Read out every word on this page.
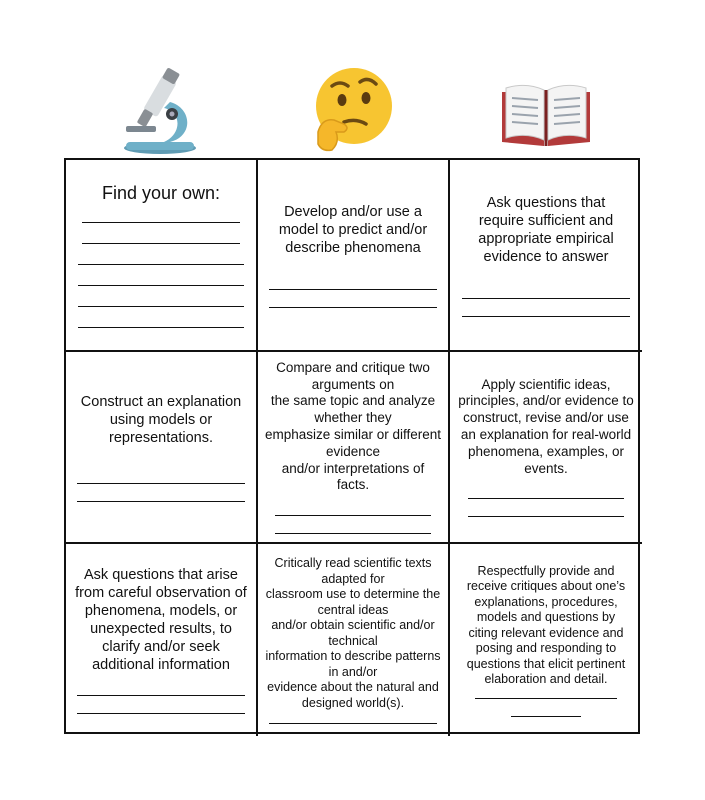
Find your own:
Develop and/or use a model to predict and/or describe phenomena
Ask questions that require sufficient and appropriate empirical evidence to answer
Construct an explanation using models or representations.
Compare and critique two arguments on
the same topic and analyze whether they
emphasize similar or different evidence
and/or interpretations of facts.
Apply scientific ideas, principles, and/or evidence to
construct, revise and/or use an explanation for real-world phenomena, examples, or events.
Ask questions that arise from careful observation of phenomena, models, or unexpected results, to clarify and/or seek additional information
Critically read scientific texts adapted for
classroom use to determine the central ideas
and/or obtain scientific and/or technical
information to describe patterns in and/or
evidence about the natural and designed world(s).
Respectfully provide and receive critiques about one’s explanations, procedures, models and questions by citing relevant evidence and posing and responding to questions that elicit pertinent elaboration and detail.
